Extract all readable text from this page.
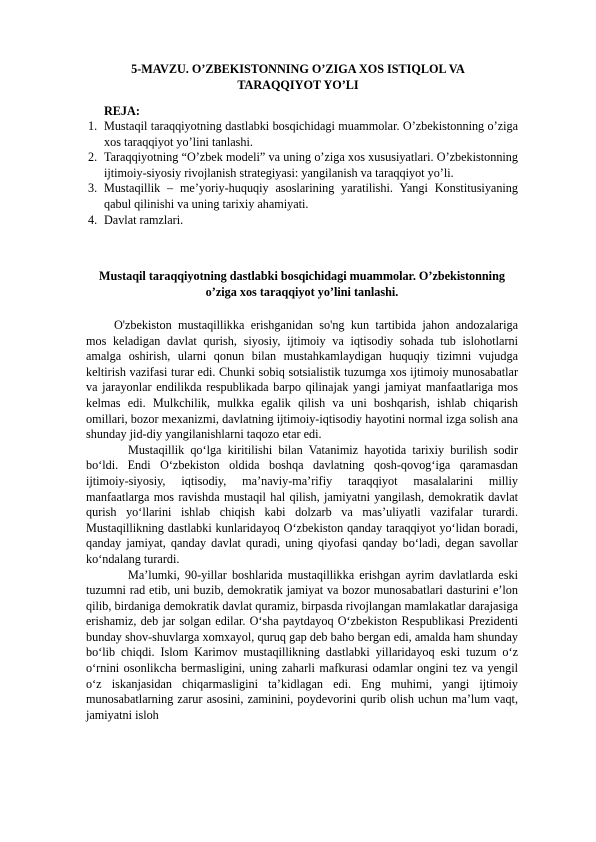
5-MAVZU. O’ZBEKISTONNING O’ZIGA XOS ISTIQLOL VA TARAQQIYOT YO’LI
REJA:
1. Mustaqil taraqqiyotning dastlabki bosqichidagi muammolar. O’zbekistonning o’ziga xos taraqqiyot yo’lini tanlashi.
2. Taraqqiyotning “O’zbek modeli” va uning o’ziga xos xususiyatlari. O’zbekistonning ijtimoiy-siyosiy rivojlanish strategiyasi: yangilanish va taraqqiyot yo’li.
3. Mustaqillik – me’yoriy-huquqiy asoslarining yaratilishi. Yangi Konstitusiyaning qabul qilinishi va uning tarixiy ahamiyati.
4. Davlat ramzlari.
Mustaqil taraqqiyotning dastlabki bosqichidagi muammolar. O’zbekistonning o’ziga xos taraqqiyot yo’lini tanlashi.

O'zbekiston mustaqillikka erishganidan so'ng kun tartibida jahon andozalariga mos keladigan davlat qurish, siyosiy, ijtimoiy va iqtisodiy sohada tub islohotlarni amalga oshirish, ularni qonun bilan mustahkamlaydigan huquqiy tizimni vujudga keltirish vazifasi turar edi. Chunki sobiq sotsialistik tuzumga xos ijtimoiy munosabatlar va jarayonlar endilikda respublikada barpo qilinajak yangi jamiyat manfaatlariga mos kelmas edi. Mulkchilik, mulkka egalik qilish va uni boshqarish, ishlab chiqarish omillari, bozor mexanizmi, davlatning ijtimoiy-iqtisodiy hayotini normal izga solish ana shunday jid-diy yangilanishlarni taqozo etar edi.

Mustaqillik qo‘lga kiritilishi bilan Vatanimiz hayotida tarixiy burilish sodir bo‘ldi. Endi O‘zbekiston oldida boshqa davlatning qosh-qovog‘iga qaramasdan ijtimoiy-siyosiy, iqtisodiy, ma’naviy-ma’rifiy taraqqiyot masalalarini milliy manfaatlarga mos ravishda mustaqil hal qilish, jamiyatni yangilash, demokratik davlat qurish yo‘llarini ishlab chiqish kabi dolzarb va mas’uliyatli vazifalar turardi. Mustaqillikning dastlabki kunlaridayoq O‘zbekiston qanday taraqqiyot yo‘lidan boradi, qanday jamiyat, qanday davlat quradi, uning qiyofasi qanday bo‘ladi, degan savollar ko‘ndalang turardi.

Ma’lumki, 90-yillar boshlarida mustaqillikka erishgan ayrim davlatlarda eski tuzumni rad etib, uni buzib, demokratik jamiyat va bozor munosabatlari dasturini e’lon qilib, birdaniga demokratik davlat quramiz, birpasda rivojlangan mamlakatlar darajasiga erishamiz, deb jar solgan edilar. O‘sha paytdayoq O‘zbekiston Respublikasi Prezidenti bunday shov-shuvlarga xomxayol, quruq gap deb baho bergan edi, amalda ham shunday bo‘lib chiqdi. Islom Karimov mustaqillikning dastlabki yillaridayoq eski tuzum o‘z o‘rnini osonlikcha bermasligini, uning zaharli mafkurasi odamlar ongini tez va yengil o‘z iskanjasidan chiqarmasligini ta’kidlagan edi. Eng muhimi, yangi ijtimoiy munosabatlarning zarur asosini, zaminini, poydevorini qurib olish uchun ma’lum vaqt, jamiyatni isloh
